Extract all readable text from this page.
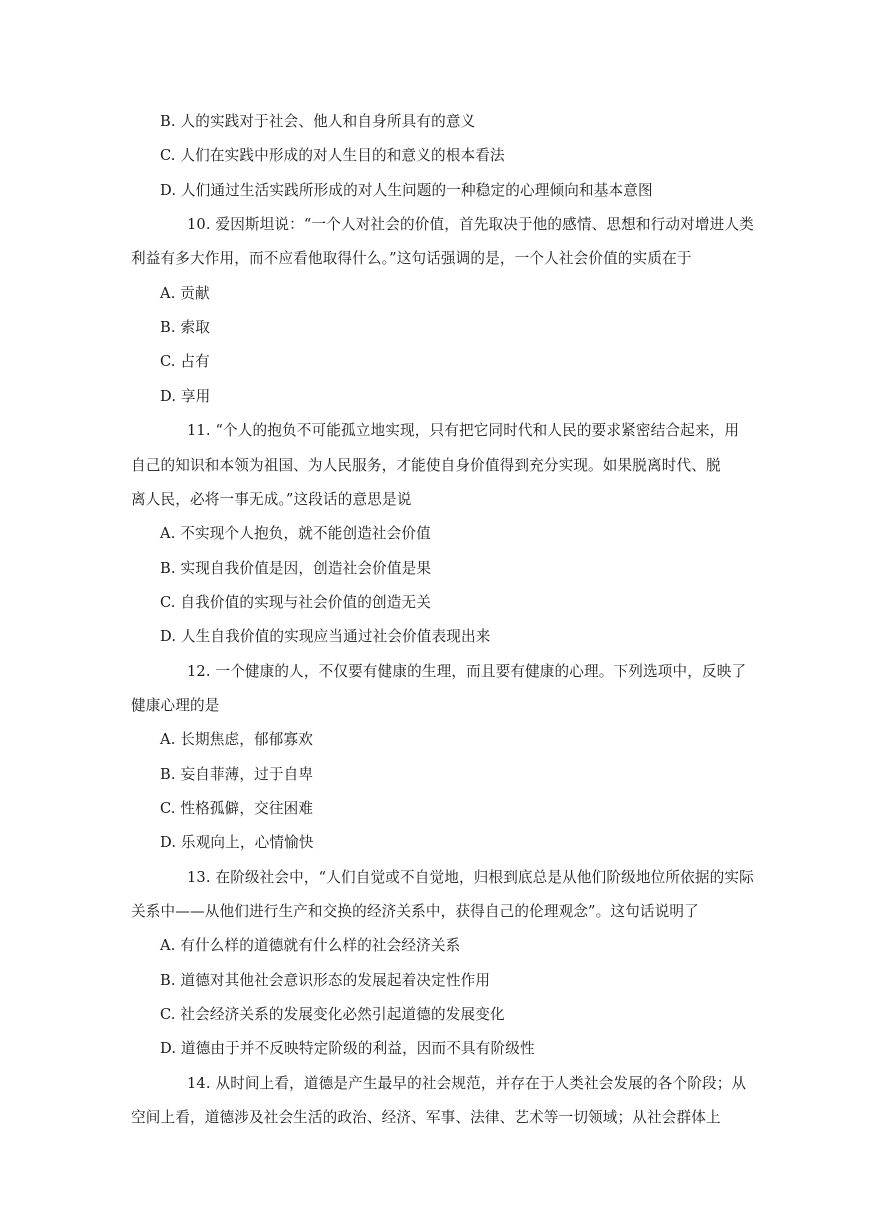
B. 人的实践对于社会、他人和自身所具有的意义
C. 人们在实践中形成的对人生目的和意义的根本看法
D. 人们通过生活实践所形成的对人生问题的一种稳定的心理倾向和基本意图
10. 爱因斯坦说：“一个人对社会的价值，首先取决于他的感情、思想和行动对增进人类
利益有多大作用，而不应看他取得什么。”这句话强调的是，一个人社会价值的实质在于
A. 贡献
B. 索取
C. 占有
D. 享用
11. “个人的抱负不可能孤立地实现，只有把它同时代和人民的要求紧密结合起来，用
自己的知识和本领为祖国、为人民服务，才能使自身价值得到充分实现。如果脱离时代、脱
离人民，必将一事无成。”这段话的意思是说
A. 不实现个人抱负，就不能创造社会价值
B. 实现自我价值是因，创造社会价值是果
C. 自我价值的实现与社会价值的创造无关
D. 人生自我价值的实现应当通过社会价值表现出来
12. 一个健康的人，不仅要有健康的生理，而且要有健康的心理。下列选项中，反映了
健康心理的是
A. 长期焦虑，郁郁寡欢
B. 妄自菲薄，过于自卑
C. 性格孤僻，交往困难
D. 乐观向上，心情愉快
13. 在阶级社会中，“人们自觉或不自觉地，归根到底总是从他们阶级地位所依据的实际
关系中——从他们进行生产和交换的经济关系中，获得自己的伦理观念”。这句话说明了
A. 有什么样的道德就有什么样的社会经济关系
B. 道德对其他社会意识形态的发展起着决定性作用
C. 社会经济关系的发展变化必然引起道德的发展变化
D. 道德由于并不反映特定阶级的利益，因而不具有阶级性
14. 从时间上看，道德是产生最早的社会规范，并存在于人类社会发展的各个阶段；从
空间上看，道德涉及社会生活的政治、经济、军事、法律、艺术等一切领域；从社会群体上
